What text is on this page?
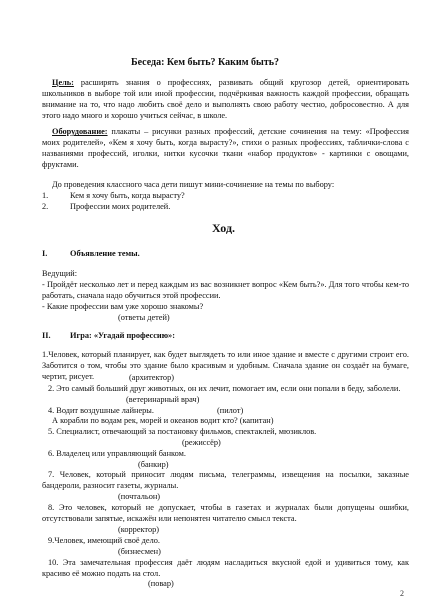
Беседа: Кем быть? Каким быть?
Цель: расширять знания о профессиях, развивать общий кругозор детей, ориентировать школьников в выборе той или иной профессии, подчёркивая важность каждой профессии, обращать внимание на то, что надо любить своё дело и выполнять свою работу честно, добросовестно. А для этого надо много и хорошо учиться сейчас, в школе.
Оборудование: плакаты – рисунки разных профессий, детские сочинения на тему: «Профессия моих родителей», «Кем я хочу быть, когда вырасту?», стихи о разных профессиях, таблички-слова с названиями профессий, иголки, нитки кусочки ткани «набор продуктов» - картинки с овощами, фруктами.
До проведения классного часа дети пишут мини-сочинение на темы по выбору:
1.	Кем я хочу быть, когда вырасту?
2.	Профессии моих родителей.
Ход.
I.	Объявление темы.
Ведущий:
- Пройдёт несколько лет и перед каждым из вас возникнет вопрос «Кем быть?». Для того чтобы кем-то работать, сначала надо обучиться этой профессии.
- Какие профессии вам уже хорошо знакомы?
(ответы детей)
II. Игра: «Угадай профессию»:
1.Человек, который планирует, как будет выглядеть то или иное здание и вместе с другими строит его. Заботится о том, чтобы это здание было красивым и удобным. Сначала здание он создаёт на бумаге, чертит, рисует.	(архитектор)
2. Это самый больший друг животных, он их лечит, помогает им, если они попали в беду, заболели.
(ветеринарный врач)
4. Водит воздушные лайнеры.	(пилот)
А корабли по водам рек, морей и океанов водит кто? (капитан)
5. Специалист, отвечающий за постановку фильмов, спектаклей, мюзиклов.
(режиссёр)
6. Владелец или управляющий банком.
(банкир)
7. Человек, который приносит людям письма, телеграммы, извещения на посылки, заказные бандероли, разносит газеты, журналы.
(почтальон)
8. Это человек, который не допускает, чтобы в газетах и журналах были допущены ошибки, отсутствовали запятые, искажён или непонятен читателю смысл текста.
(корректор)
9.Человек, имеющий своё дело.
(бизнесмен)
10. Эта замечательная профессия даёт людям насладиться вкусной едой и удивиться тому, как красиво её можно подать на стол.
(повар)
2
